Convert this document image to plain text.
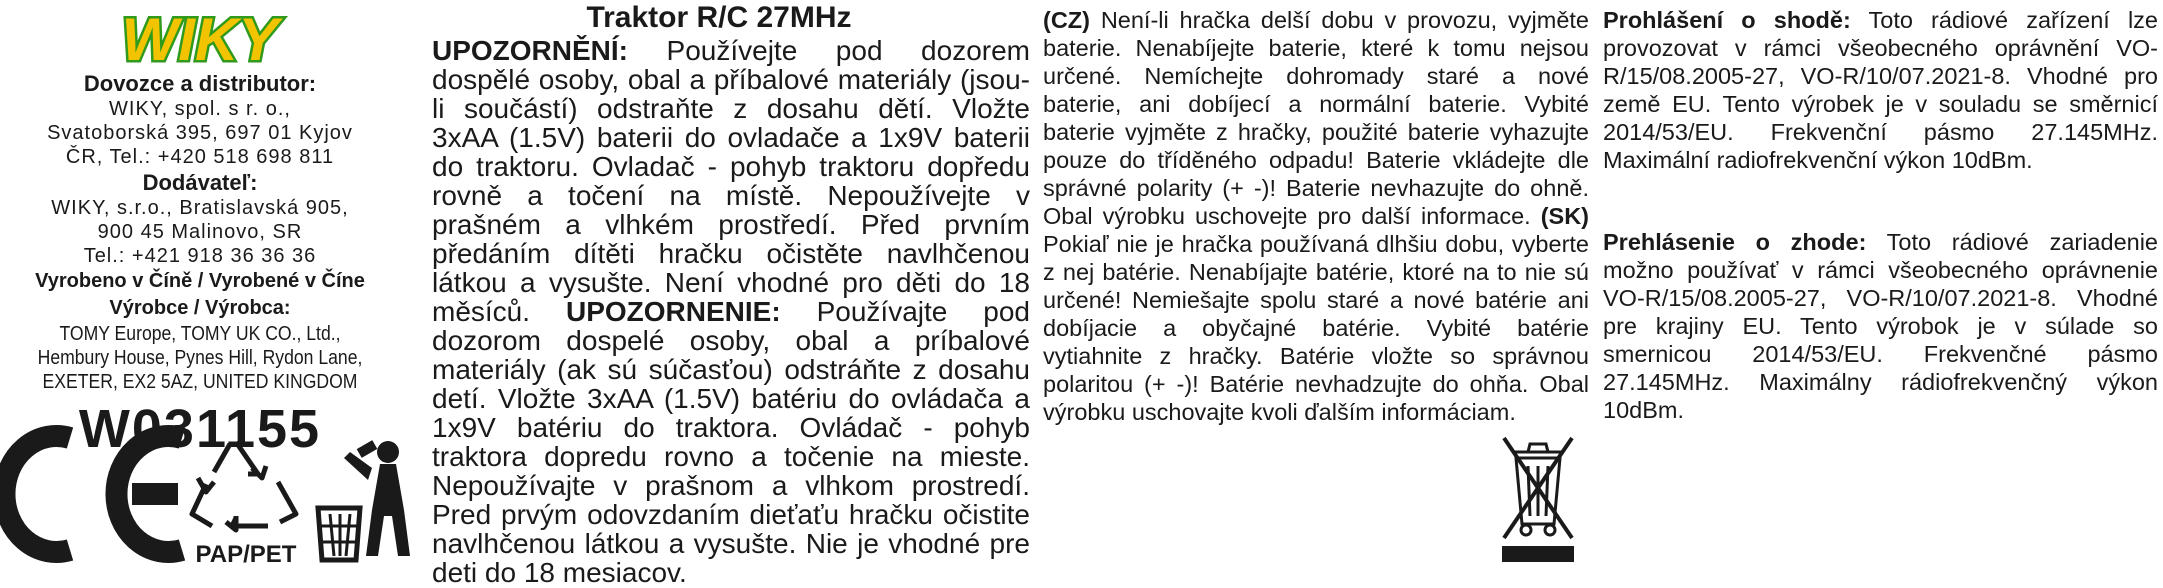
WIKY
Dovozce a distributor:
WIKY, spol. s r. o.,
Svatoborská 395, 697 01 Kyjov
ČR, Tel.: +420 518 698 811
Dodávateľ:
WIKY, s.r.o., Bratislavská 905,
900 45 Malinovo, SR
Tel.: +421 918 36 36 36
Vyrobeno v Číně / Vyrobené v Číne
Výrobce / Výrobca:
TOMY Europe, TOMY UK CO., Ltd.,
Hembury House, Pynes Hill, Rydon Lane,
EXETER, EX2 5AZ, UNITED KINGDOM
W031155
PAP/PET
Traktor R/C 27MHz

UPOZORNĚNÍ: Používejte pod dozorem dospělé osoby, obal a příbalové materiály (jsou-li součástí) odstraňte z dosahu dětí. Vložte 3xAA (1.5V) baterii do ovladače a 1x9V baterii do traktoru. Ovladač - pohyb traktoru dopředu rovně a točení na místě. Nepoužívejte v prašném a vlhkém prostředí. Před prvním předáním dítěti hračku očistěte navlhčenou látkou a vysušte. Není vhodné pro děti do 18 měsíců. UPOZORNENIE: Používajte pod dozorom dospelé osoby, obal a príbalové materiály (ak sú súčasťou) odstráňte z dosahu detí. Vložte 3xAA (1.5V) batériu do ovládača a 1x9V batériu do traktora. Ovládač - pohyb traktora dopredu rovno a točenie na mieste. Nepoužívajte v prašnom a vlhkom prostredí. Pred prvým odovzdaním dieťaťu hračku očistite navlhčenou látkou a vysušte. Nie je vhodné pre deti do 18 mesiacov.

(CZ) Není-li hračka delší dobu v provozu, vyjměte baterie. Nenabíjejte baterie, které k tomu nejsou určené. Nemíchejte dohromady staré a nové baterie, ani dobíjecí a normální baterie. Vybité baterie vyjměte z hračky, použité baterie vyhazujte pouze do tříděného odpadu! Baterie vkládejte dle správné polarity (+ -)! Baterie nevhazujte do ohně. Obal výrobku uschovejte pro další informace. (SK) Pokiaľ nie je hračka používaná dlhšiu dobu, vyberte z nej batérie. Nenabíjajte batérie, ktoré na to nie sú určené! Nemiešajte spolu staré a nové batérie ani dobíjacie a obyčajné batérie. Vybité batérie vytiahnite z hračky. Batérie vložte so správnou polaritou (+ -)! Batérie nevhadzujte do ohňa. Obal výrobku uschovajte kvoli ďalším informáciam.

Prohlášení o shodě: Toto rádiové zařízení lze provozovat v rámci všeobecného oprávnění VO-R/15/08.2005-27, VO-R/10/07.2021-8. Vhodné pro země EU. Tento výrobek je v souladu se směrnicí 2014/53/EU. Frekvenční pásmo 27.145MHz. Maximální radiofrekvenční výkon 10dBm.

Prehlásenie o zhode: Toto rádiové zariadenie možno používať v rámci všeobecného oprávnenie VO-R/15/08.2005-27, VO-R/10/07.2021-8. Vhodné pre krajiny EU. Tento výrobok je v súlade so smernicou 2014/53/EU. Frekvenčné pásmo 27.145MHz. Maximálny rádiofrekvenčný výkon 10dBm.
